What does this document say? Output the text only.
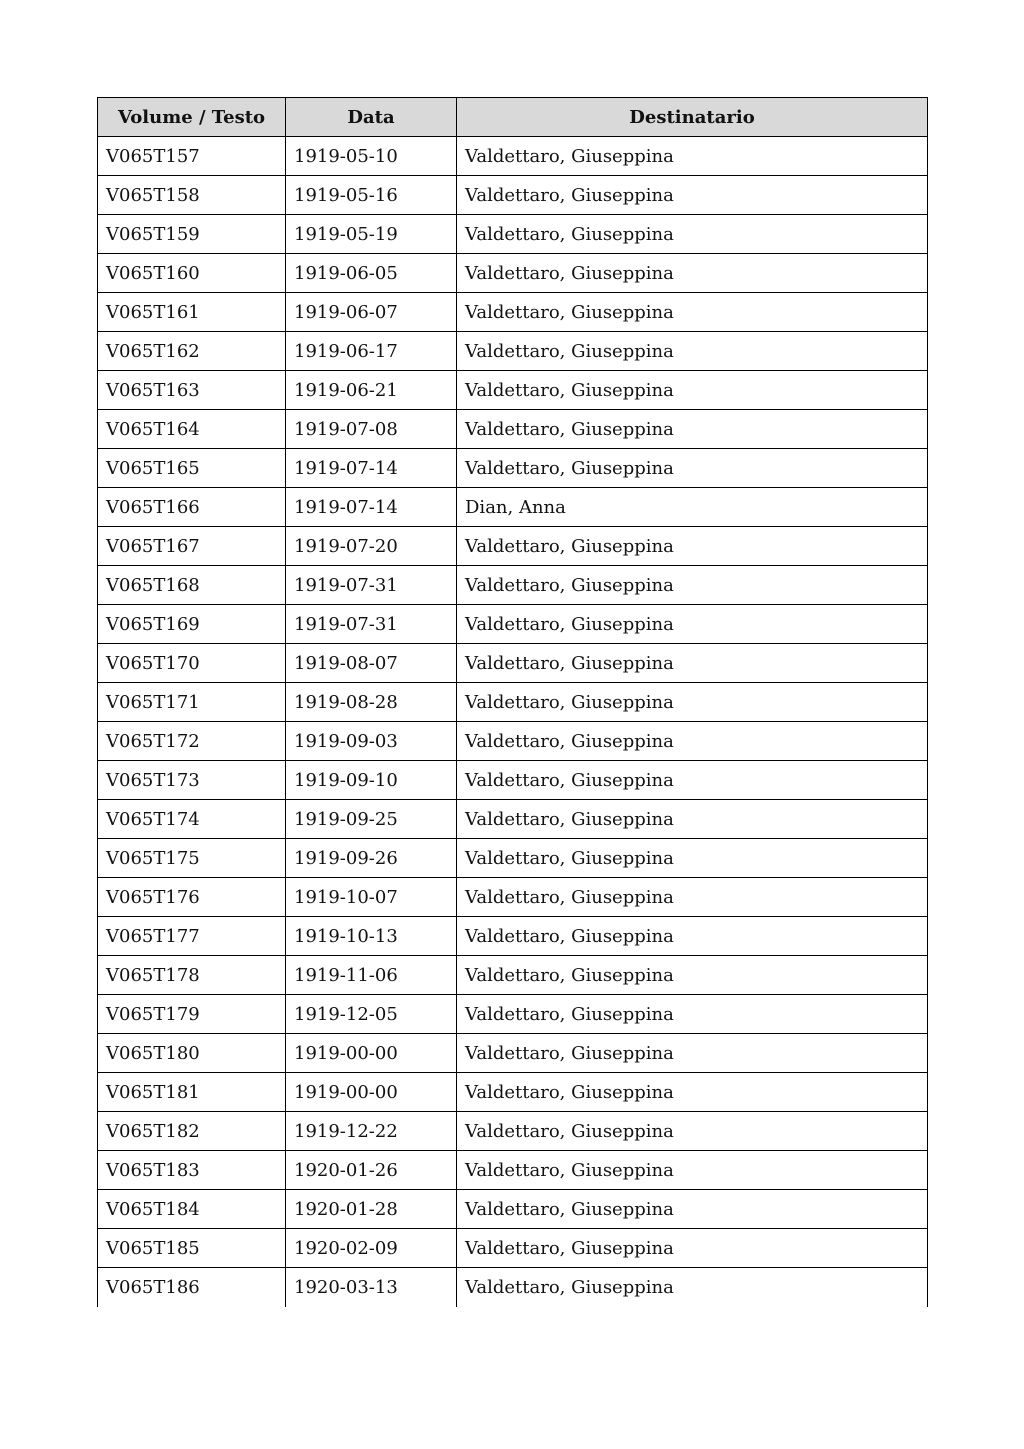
Volume / Testo	Data	Destinatario
V065T157	1919-05-10	Valdettaro, Giuseppina
V065T158	1919-05-16	Valdettaro, Giuseppina
V065T159	1919-05-19	Valdettaro, Giuseppina
V065T160	1919-06-05	Valdettaro, Giuseppina
V065T161	1919-06-07	Valdettaro, Giuseppina
V065T162	1919-06-17	Valdettaro, Giuseppina
V065T163	1919-06-21	Valdettaro, Giuseppina
V065T164	1919-07-08	Valdettaro, Giuseppina
V065T165	1919-07-14	Valdettaro, Giuseppina
V065T166	1919-07-14	Dian, Anna
V065T167	1919-07-20	Valdettaro, Giuseppina
V065T168	1919-07-31	Valdettaro, Giuseppina
V065T169	1919-07-31	Valdettaro, Giuseppina
V065T170	1919-08-07	Valdettaro, Giuseppina
V065T171	1919-08-28	Valdettaro, Giuseppina
V065T172	1919-09-03	Valdettaro, Giuseppina
V065T173	1919-09-10	Valdettaro, Giuseppina
V065T174	1919-09-25	Valdettaro, Giuseppina
V065T175	1919-09-26	Valdettaro, Giuseppina
V065T176	1919-10-07	Valdettaro, Giuseppina
V065T177	1919-10-13	Valdettaro, Giuseppina
V065T178	1919-11-06	Valdettaro, Giuseppina
V065T179	1919-12-05	Valdettaro, Giuseppina
V065T180	1919-00-00	Valdettaro, Giuseppina
V065T181	1919-00-00	Valdettaro, Giuseppina
V065T182	1919-12-22	Valdettaro, Giuseppina
V065T183	1920-01-26	Valdettaro, Giuseppina
V065T184	1920-01-28	Valdettaro, Giuseppina
V065T185	1920-02-09	Valdettaro, Giuseppina
V065T186	1920-03-13	Valdettaro, Giuseppina
